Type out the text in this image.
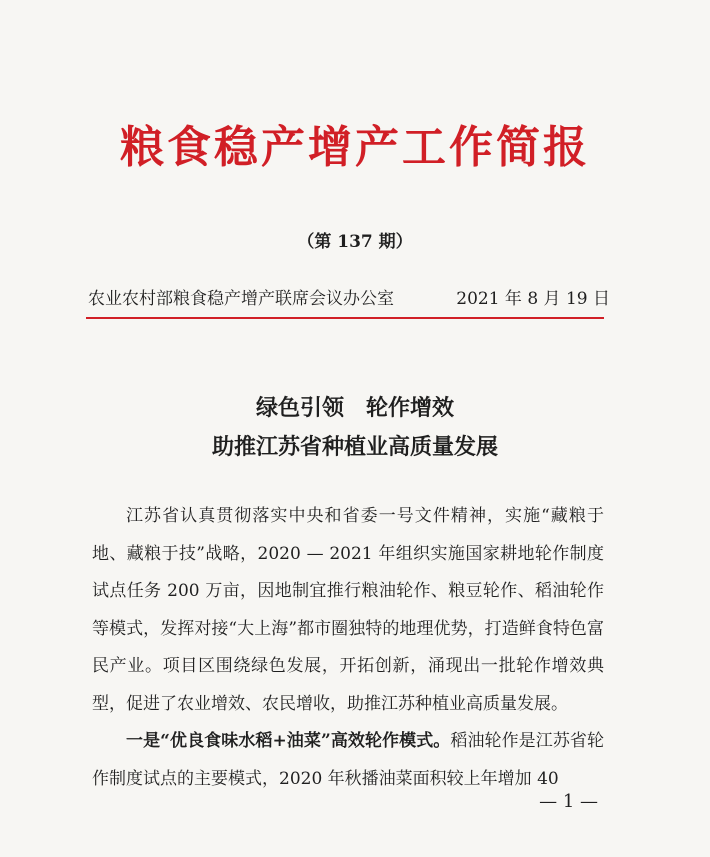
粮食稳产增产工作简报
（第 137 期）
农业农村部粮食稳产增产联席会议办公室	2021 年 8 月 19 日
绿色引领　轮作增效
助推江苏省种植业高质量发展

江苏省认真贯彻落实中央和省委一号文件精神，实施“藏粮于地、藏粮于技”战略，2020 — 2021 年组织实施国家耕地轮作制度试点任务 200 万亩，因地制宜推行粮油轮作、粮豆轮作、稻油轮作等模式，发挥对接“大上海”都市圈独特的地理优势，打造鲜食特色富民产业。项目区围绕绿色发展，开拓创新，涌现出一批轮作增效典型，促进了农业增效、农民增收，助推江苏种植业高质量发展。

一是“优良食味水稻+油菜”高效轮作模式。稻油轮作是江苏省轮作制度试点的主要模式，2020 年秋播油菜面积较上年增加 40

— 1 —
